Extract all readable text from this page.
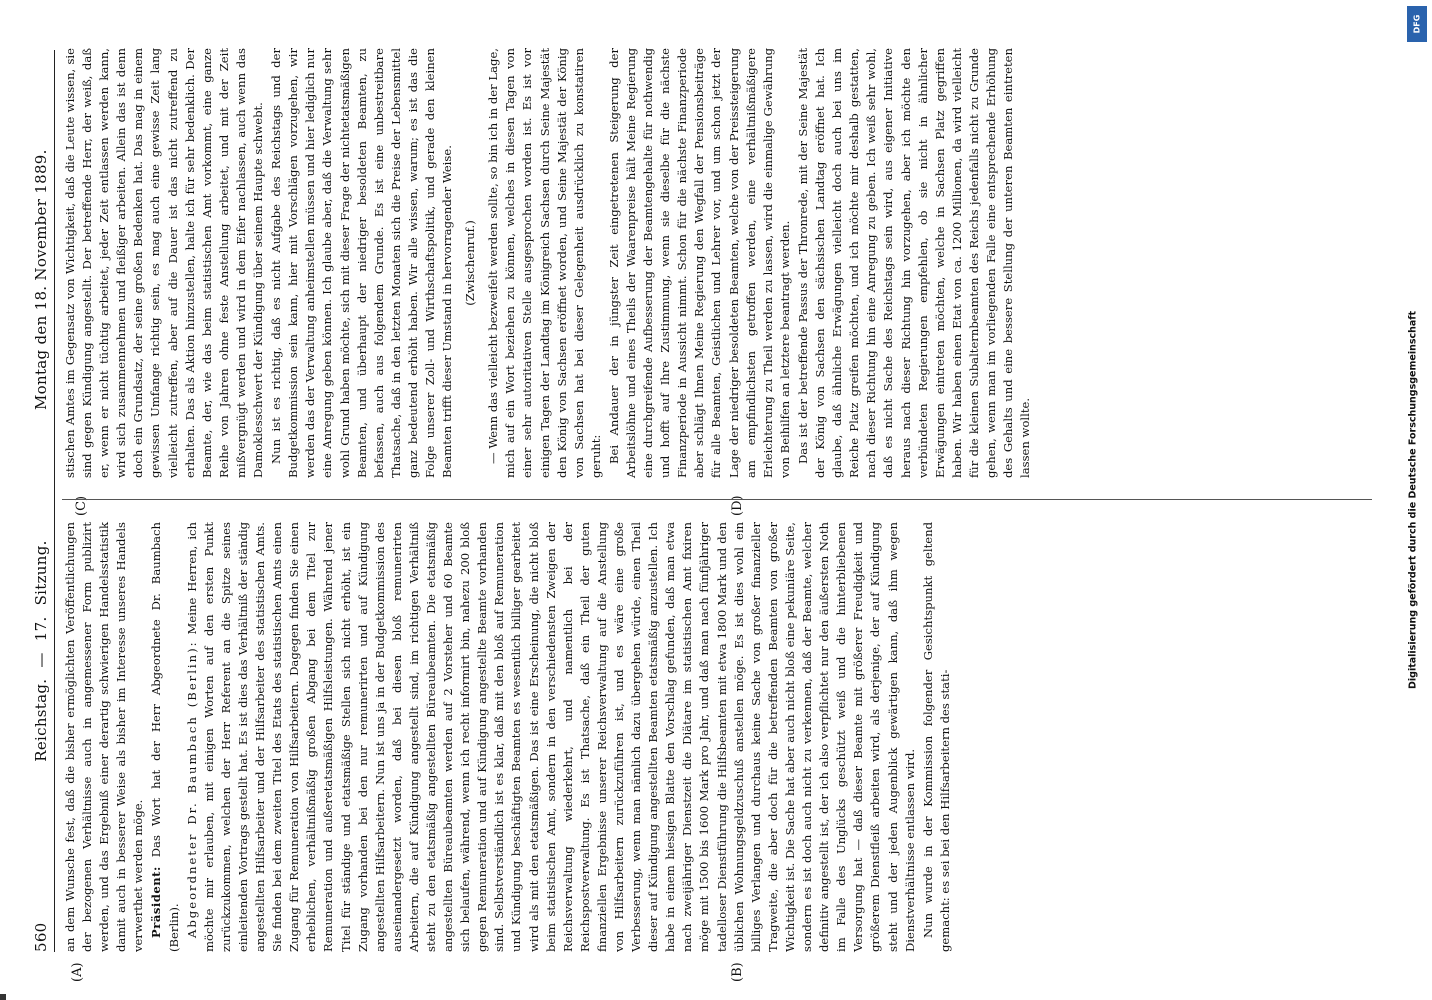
560
Reichstag. — 17. Sitzung.
Montag den 18. November 1889.
(A)	(B)
(C)	(D)

an dem Wunsche fest, daß die bisher ermöglichten Veröffentlichungen der bezogenen Verhältnisse auch in angemessener Form publizirt werden, und das Ergebniß einer derartig schwierigen Handelsstatistik damit auch in besserer Weise als bisher im Interesse unseres Handels verwerthet werden möge. Präsident: Das Wort hat der Herr Abgeordnete Dr. Baumbach (Berlin). Abgeordneter Dr. Baumbach (Berlin): Meine Herren, ich möchte mir erlauben, mit einigen Worten auf den ersten Punkt zurückzukommen, welchen der Herr Referent an die Spitze seines einleitenden Vortrags gestellt hat. Es ist dies das Verhältniß der ständig angestellten Hilfsarbeiter und der Hilfsarbeiter des statistischen Amts. Sie finden bei dem zweiten Titel des Etats des statistischen Amts einen Zugang für Remuneration von Hilfsarbeitern. Dagegen finden Sie einen erheblichen, verhältnißmäßig großen Abgang bei dem Titel zur Remuneration und außeretatsmäßigen Hilfsleistungen. Während jener Titel für ständige und etatsmäßige Stellen sich nicht erhöht, ist ein Zugang vorhanden bei den nur remunerirten und auf Kündigung angestellten Hilfsarbeitern. Nun ist uns ja in der Budgetkommission des auseinandergesetzt worden, daß bei diesen bloß remunerirten Arbeitern, die auf Kündigung angestellt sind, im richtigen Verhältniß steht zu den etatsmäßig angestellten Büreaubeamten. Die etatsmäßig angestellten Büreaubeamten werden auf 2 Vorsteher und 60 Beamte sich belaufen, während, wenn ich recht informirt bin, nahezu 200 bloß gegen Remuneration und auf Kündigung angestellte Beamte vorhanden sind. Selbstverständlich ist es klar, daß mit den bloß auf Remuneration und Kündigung beschäftigten Beamten es wesentlich billiger gearbeitet wird als mit den etatsmäßigen. Das ist eine Erscheinung, die nicht bloß beim statistischen Amt, sondern in den verschiedensten Zweigen der Reichsverwaltung wiederkehrt, und namentlich bei der Reichspostverwaltung. Es ist Thatsache, daß ein Theil der guten finanziellen Ergebnisse unserer Reichsverwaltung auf die Anstellung von Hilfsarbeitern zurückzuführen ist, und es wäre eine große Verbesserung, wenn man nämlich dazu übergehen würde, einen Theil dieser auf Kündigung angestellten Beamten etatsmäßig anzustellen. Ich habe in einem hiesigen Blatte den Vorschlag gefunden, daß man etwa nach zweijähriger Dienstzeit die Diätare im statistischen Amt fixiren möge mit 1500 bis 1600 Mark pro Jahr, und daß man nach fünfjähriger tadelloser Dienstführung die Hilfsbeamten mit etwa 1800 Mark und den üblichen Wohnungsgeldzuschuß anstellen möge. Es ist dies wohl ein billiges Verlangen und durchaus keine Sache von großer finanzieller Tragweite, die aber doch für die betreffenden Beamten von großer Wichtigkeit ist. Die Sache hat aber auch nicht bloß eine pekuniäre Seite, sondern es ist doch auch nicht zu verkennen, daß der Beamte, welcher definitiv angestellt ist, der ich also verpflichtet nur den äußersten Noth im Falle des Unglücks geschützt weiß und die hinterbliebenen Versorgung hat — daß dieser Beamte mit größerer Freudigkeit und größerem Dienstfleiß arbeiten wird, als derjenige, der auf Kündigung steht und der jeden Augenblick gewärtigen kann, daß ihm wegen Dienstverhältnisse entlassen wird. Nun wurde in der Kommission folgender Gesichtspunkt geltend gemacht: es sei bei den Hilfsarbeitern des stati-

stischen Amtes im Gegensatz von Wichtigkeit, daß die Leute wissen, sie sind gegen Kündigung angestellt. Der betreffende Herr, der weiß, daß er, wenn er nicht tüchtig arbeitet, jeder Zeit entlassen werden kann, wird sich zusammennehmen und fleißiger arbeiten. Allein das ist denn doch ein Grundsatz, der seine großen Bedenken hat. Das mag in einem gewissen Umfange richtig sein, es mag auch eine gewisse Zeit lang vielleicht zutreffen, aber auf die Dauer ist das nicht zutreffend zu erhalten. Das als Aktion hinzustellen, halte ich für sehr bedenklich. Der Beamte, der, wie das beim statistischen Amt vorkommt, eine ganze Reihe von Jahren ohne feste Anstellung arbeitet, und mit der Zeit mißvergnügt werden und wird in dem Eifer nachlassen, auch wenn das Damoklesschwert der Kündigung über seinem Haupte schwebt. Nun ist es richtig, daß es nicht Aufgabe des Reichstags und der Budgetkommission sein kann, hier mit Vorschlägen vorzugehen, wir werden das der Verwaltung anheimstellen müssen und hier lediglich nur eine Anregung geben können. Ich glaube aber, daß die Verwaltung sehr wohl Grund haben möchte, sich mit dieser Frage der nichtetatsmäßigen Beamten, und überhaupt der niedriger besoldeten Beamten, zu befassen, auch aus folgendem Grunde. Es ist eine unbestreitbare Thatsache, daß in den letzten Monaten sich die Preise der Lebensmittel ganz bedeutend erhöht haben. Wir alle wissen, warum; es ist das die Folge unserer Zoll- und Wirthschaftspolitik, und gerade den kleinen Beamten trifft dieser Umstand in hervorragender Weise. (Zwischenruf.) — Wenn das vielleicht bezweifelt werden sollte, so bin ich in der Lage, mich auf ein Wort beziehen zu können, welches in diesen Tagen von einer sehr autoritativen Stelle ausgesprochen worden ist. Es ist vor einigen Tagen der Landtag im Königreich Sachsen durch Seine Majestät den König von Sachsen eröffnet worden, und Seine Majestät der König von Sachsen hat bei dieser Gelegenheit ausdrücklich zu konstatiren geruht: Bei Andauer der in jüngster Zeit eingetretenen Steigerung der Arbeitslöhne und eines Theils der Waarenpreise hält Meine Regierung eine durchgreifende Aufbesserung der Beamtengehalte für nothwendig und hofft auf Ihre Zustimmung, wenn sie dieselbe für die nächste Finanzperiode in Aussicht nimmt. Schon für die nächste Finanzperiode aber schlägt Ihnen Meine Regierung den Wegfall der Pensionsbeiträge für alle Beamten, Geistlichen und Lehrer vor, und um schon jetzt der Lage der niedriger besoldeten Beamten, welche von der Preissteigerung am empfindlichsten getroffen werden, eine verhältnißmäßigere Erleichterung zu Theil werden zu lassen, wird die einmalige Gewährung von Beihilfen an letztere beantragt werden. Das ist der betreffende Passus der Thronrede, mit der Seine Majestät der König von Sachsen den sächsischen Landtag eröffnet hat. Ich glaube, daß ähnliche Erwägungen vielleicht doch auch bei uns im Reiche Platz greifen möchten, und ich möchte mir deshalb gestatten, nach dieser Richtung hin eine Anregung zu geben. Ich weiß sehr wohl, daß es nicht Sache des Reichstags sein wird, aus eigener Initiative heraus nach dieser Richtung hin vorzugehen, aber ich möchte den verbündeten Regierungen empfehlen, ob sie nicht in ähnlicher Erwägungen eintreten möchten, welche in Sachsen Platz gegriffen haben. Wir haben einen Etat von ca. 1200 Millionen, da wird vielleicht für die kleinen Subalternbeamten des Reichs jedenfalls nicht zu Grunde gehen, wenn man im vorliegenden Falle eine entsprechende Erhöhung des Gehalts und eine bessere Stellung der unteren Beamten eintreten lassen wollte.	Digitalisierung gefördert durch die Deutsche Forschungsgemeinschaft
DFG
